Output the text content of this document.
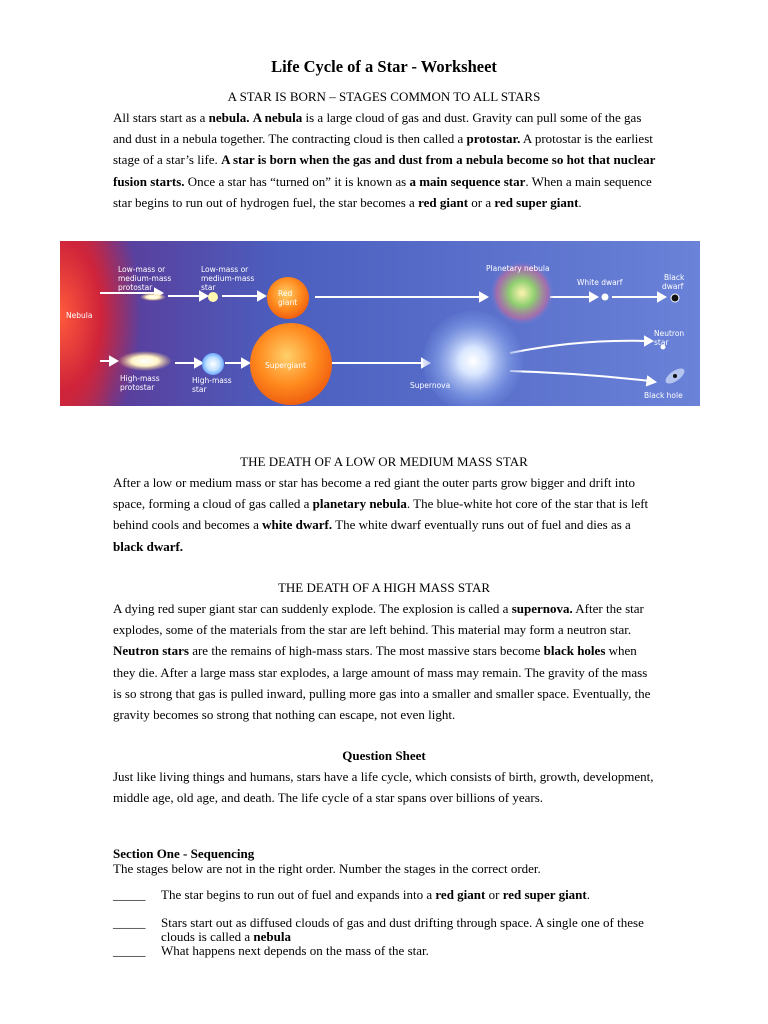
Life Cycle of a Star - Worksheet
A STAR IS BORN – STAGES COMMON TO ALL STARS
All stars start as a nebula. A nebula is a large cloud of gas and dust. Gravity can pull some of the gas and dust in a nebula together. The contracting cloud is then called a protostar. A protostar is the earliest stage of a star’s life. A star is born when the gas and dust from a nebula become so hot that nuclear fusion starts. Once a star has “turned on” it is known as a main sequence star. When a main sequence star begins to run out of hydrogen fuel, the star becomes a red giant or a red super giant.
Nebula
Low-mass or
medium-mass
protostar
Low-mass or
medium-mass
star
Red
giant
Planetary nebula
White dwarf
Black
dwarf
High-mass
protostar
High-mass
star
Supergiant
Supernova
Neutron
star
Black hole
THE DEATH OF A LOW OR MEDIUM MASS STAR
After a low or medium mass or star has become a red giant the outer parts grow bigger and drift into space, forming a cloud of gas called a planetary nebula. The blue-white hot core of the star that is left behind cools and becomes a white dwarf. The white dwarf eventually runs out of fuel and dies as a black dwarf.
THE DEATH OF A HIGH MASS STAR
A dying red super giant star can suddenly explode. The explosion is called a supernova. After the star explodes, some of the materials from the star are left behind. This material may form a neutron star. Neutron stars are the remains of high-mass stars. The most massive stars become black holes when they die. After a large mass star explodes, a large amount of mass may remain. The gravity of the mass is so strong that gas is pulled inward, pulling more gas into a smaller and smaller space. Eventually, the gravity becomes so strong that nothing can escape, not even light.
Question Sheet
Just like living things and humans, stars have a life cycle, which consists of birth, growth, development, middle age, old age, and death. The life cycle of a star spans over billions of years.
Section One - Sequencing
The stages below are not in the right order. Number the stages in the correct order.
_____ The star begins to run out of fuel and expands into a red giant or red super giant.
_____ Stars start out as diffused clouds of gas and dust drifting through space. A single one of these clouds is called a nebula
_____ What happens next depends on the mass of the star.
